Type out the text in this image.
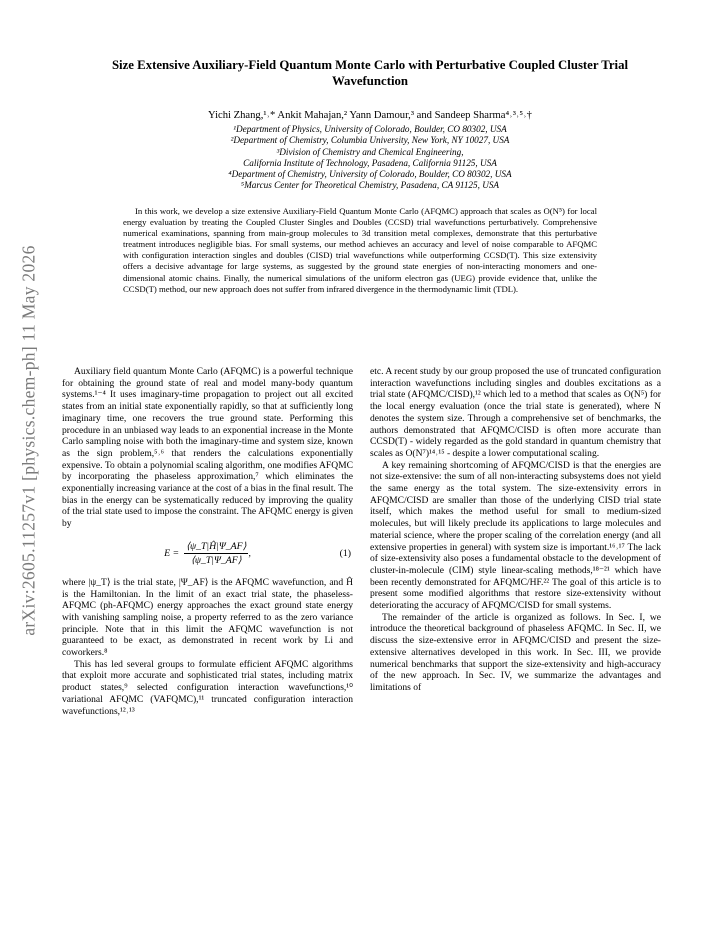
arXiv:2605.11257v1 [physics.chem-ph] 11 May 2026
Size Extensive Auxiliary-Field Quantum Monte Carlo with Perturbative Coupled Cluster Trial Wavefunction
Yichi Zhang,¹˒* Ankit Mahajan,² Yann Damour,³ and Sandeep Sharma⁴˒³˒⁵˒†
¹Department of Physics, University of Colorado, Boulder, CO 80302, USA
²Department of Chemistry, Columbia University, New York, NY 10027, USA
³Division of Chemistry and Chemical Engineering,
California Institute of Technology, Pasadena, California 91125, USA
⁴Department of Chemistry, University of Colorado, Boulder, CO 80302, USA
⁵Marcus Center for Theoretical Chemistry, Pasadena, CA 91125, USA

In this work, we develop a size extensive Auxiliary-Field Quantum Monte Carlo (AFQMC) approach that scales as O(N⁵) for local energy evaluation by treating the Coupled Cluster Singles and Doubles (CCSD) trial wavefunctions perturbatively. Comprehensive numerical examinations, spanning from main-group molecules to 3d transition metal complexes, demonstrate that this perturbative treatment introduces negligible bias. For small systems, our method achieves an accuracy and level of noise comparable to AFQMC with configuration interaction singles and doubles (CISD) trial wavefunctions while outperforming CCSD(T). This size extensivity offers a decisive advantage for large systems, as suggested by the ground state energies of non-interacting monomers and one-dimensional atomic chains. Finally, the numerical simulations of the uniform electron gas (UEG) provide evidence that, unlike the CCSD(T) method, our new approach does not suffer from infrared divergence in the thermodynamic limit (TDL).

Auxiliary field quantum Monte Carlo (AFQMC) is a powerful technique for obtaining the ground state of real and model many-body quantum systems.¹⁻⁴ It uses imaginary-time propagation to project out all excited states from an initial state exponentially rapidly, so that at sufficiently long imaginary time, one recovers the true ground state. Performing this procedure in an unbiased way leads to an exponential increase in the Monte Carlo sampling noise with both the imaginary-time and system size, known as the sign problem,⁵˒⁶ that renders the calculations exponentially expensive. To obtain a polynomial scaling algorithm, one modifies AFQMC by incorporating the phaseless approximation,⁷ which eliminates the exponentially increasing variance at the cost of a bias in the final result. The bias in the energy can be systematically reduced by improving the quality of the trial state used to impose the constraint. The AFQMC energy is given by

$E = \frac{⟨\psi\_T|Ĥ|\Psi\_AF⟩}{⟨\psi\_T|\Psi\_AF⟩}$ ,	(1)

where |ψ_T⟩ is the trial state, |Ψ_AF⟩ is the AFQMC wavefunction, and Ĥ is the Hamiltonian. In the limit of an exact trial state, the phaseless-AFQMC (ph-AFQMC) energy approaches the exact ground state energy with vanishing sampling noise, a property referred to as the zero variance principle. Note that in this limit the AFQMC wavefunction is not guaranteed to be exact, as demonstrated in recent work by Li and coworkers.⁸

This has led several groups to formulate efficient AFQMC algorithms that exploit more accurate and sophisticated trial states, including matrix product states,⁹ selected configuration interaction wavefunctions,¹⁰ variational AFQMC (VAFQMC),¹¹ truncated configuration interaction wavefunctions,¹²˒¹³

etc. A recent study by our group proposed the use of truncated configuration interaction wavefunctions including singles and doubles excitations as a trial state (AFQMC/CISD),¹² which led to a method that scales as O(N⁵) for the local energy evaluation (once the trial state is generated), where N denotes the system size. Through a comprehensive set of benchmarks, the authors demonstrated that AFQMC/CISD is often more accurate than CCSD(T) - widely regarded as the gold standard in quantum chemistry that scales as O(N⁷)¹⁴˒¹⁵ - despite a lower computational scaling.

A key remaining shortcoming of AFQMC/CISD is that the energies are not size-extensive: the sum of all non-interacting subsystems does not yield the same energy as the total system. The size-extensivity errors in AFQMC/CISD are smaller than those of the underlying CISD trial state itself, which makes the method useful for small to medium-sized molecules, but will likely preclude its applications to large molecules and material science, where the proper scaling of the correlation energy (and all extensive properties in general) with system size is important.¹⁶˒¹⁷ The lack of size-extensivity also poses a fundamental obstacle to the development of cluster-in-molecule (CIM) style linear-scaling methods,¹⁸⁻²¹ which have been recently demonstrated for AFQMC/HF.²² The goal of this article is to present some modified algorithms that restore size-extensivity without deteriorating the accuracy of AFQMC/CISD for small systems.

The remainder of the article is organized as follows. In Sec. I, we introduce the theoretical background of phaseless AFQMC. In Sec. II, we discuss the size-extensive error in AFQMC/CISD and present the size-extensive alternatives developed in this work. In Sec. III, we provide numerical benchmarks that support the size-extensivity and high-accuracy of the new approach. In Sec. IV, we summarize the advantages and limitations of
